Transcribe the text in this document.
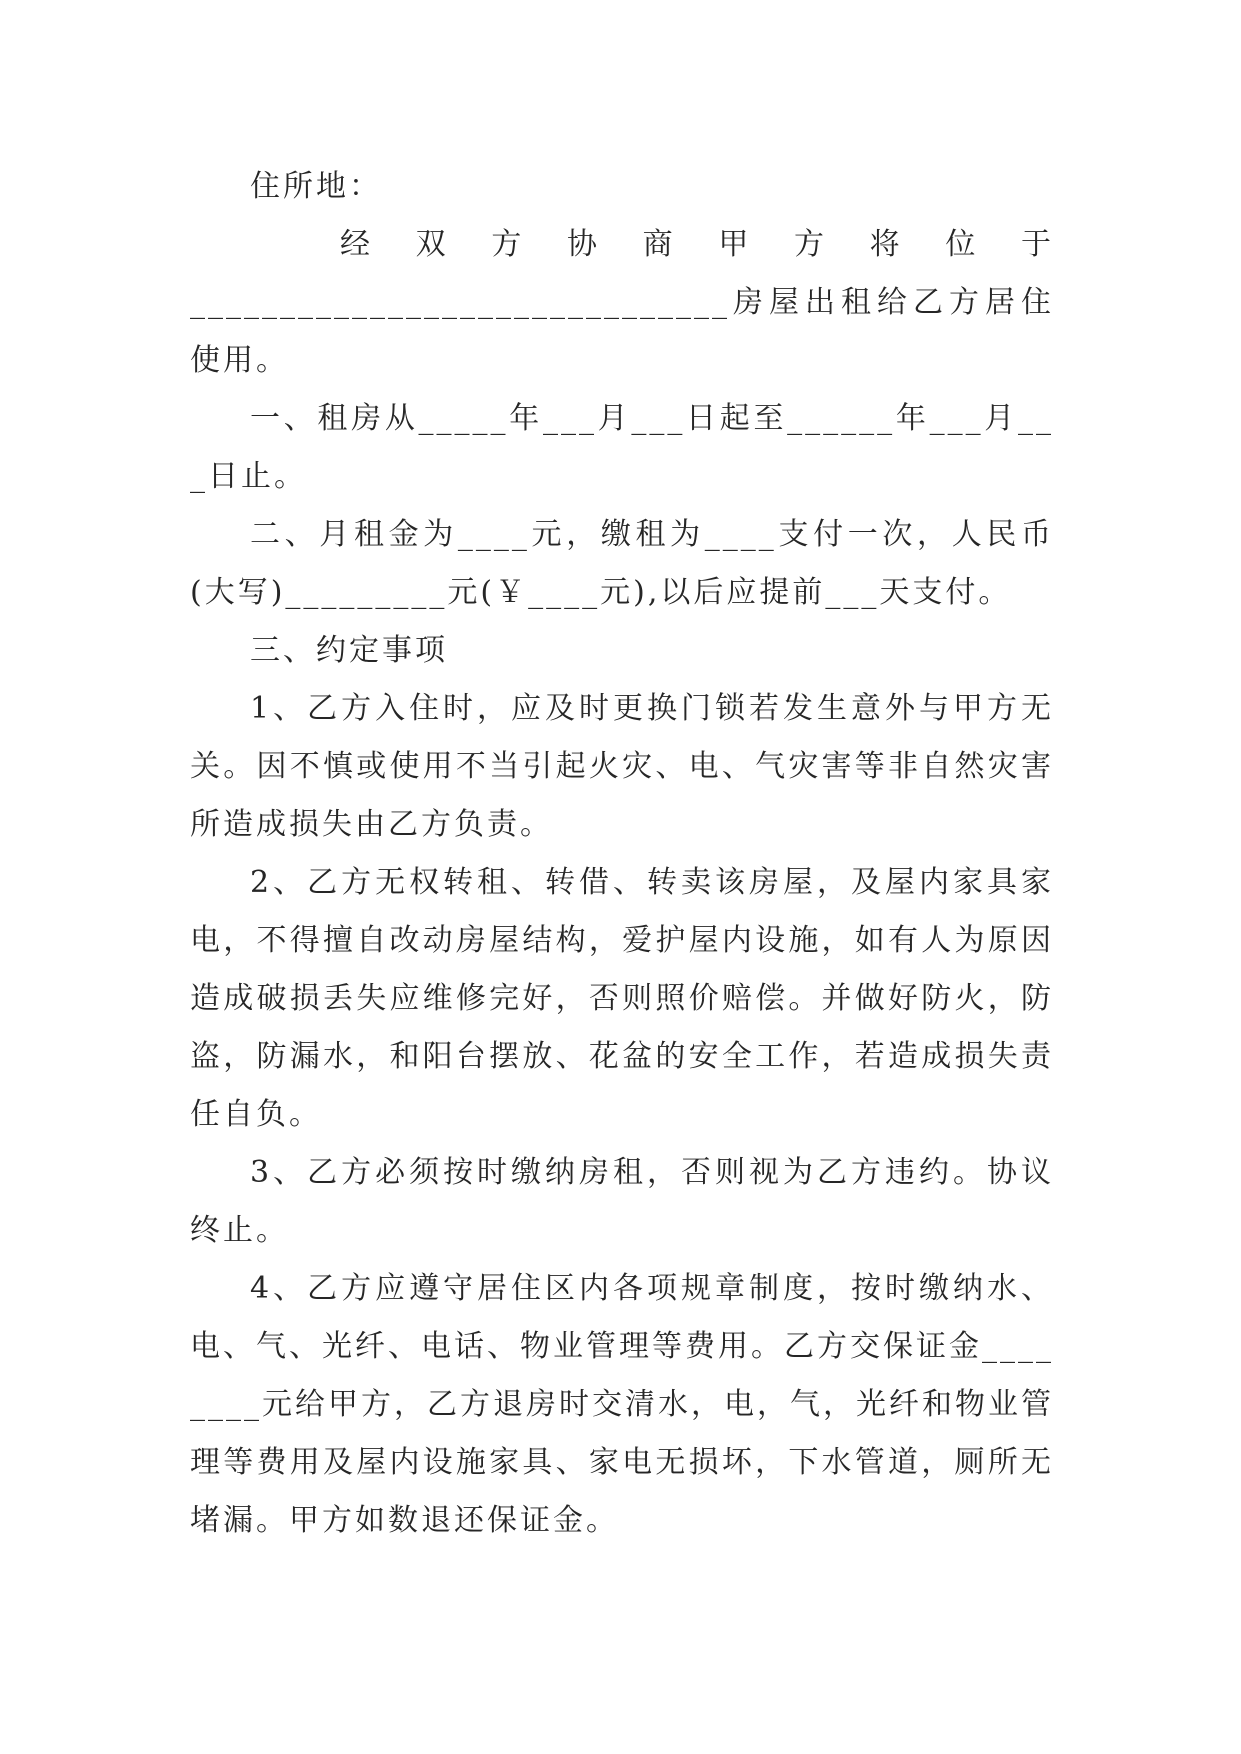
住所地：

经 双 方 协 商 甲 方 将 位 于

______________________________房屋出租给乙方居住使用。

一、租房从_____年___月___日起至______年___月___日止。

二、月租金为____元，缴租为____支付一次，人民币(大写)_________元(￥____元),以后应提前___天支付。

三、约定事项

1、乙方入住时，应及时更换门锁若发生意外与甲方无关。因不慎或使用不当引起火灾、电、气灾害等非自然灾害所造成损失由乙方负责。

2、乙方无权转租、转借、转卖该房屋，及屋内家具家电，不得擅自改动房屋结构，爱护屋内设施，如有人为原因造成破损丢失应维修完好，否则照价赔偿。并做好防火，防盗，防漏水，和阳台摆放、花盆的安全工作，若造成损失责任自负。

3、乙方必须按时缴纳房租，否则视为乙方违约。协议终止。

4、乙方应遵守居住区内各项规章制度，按时缴纳水、电、气、光纤、电话、物业管理等费用。乙方交保证金________元给甲方，乙方退房时交清水，电，气，光纤和物业管理等费用及屋内设施家具、家电无损坏，下水管道，厕所无堵漏。甲方如数退还保证金。
